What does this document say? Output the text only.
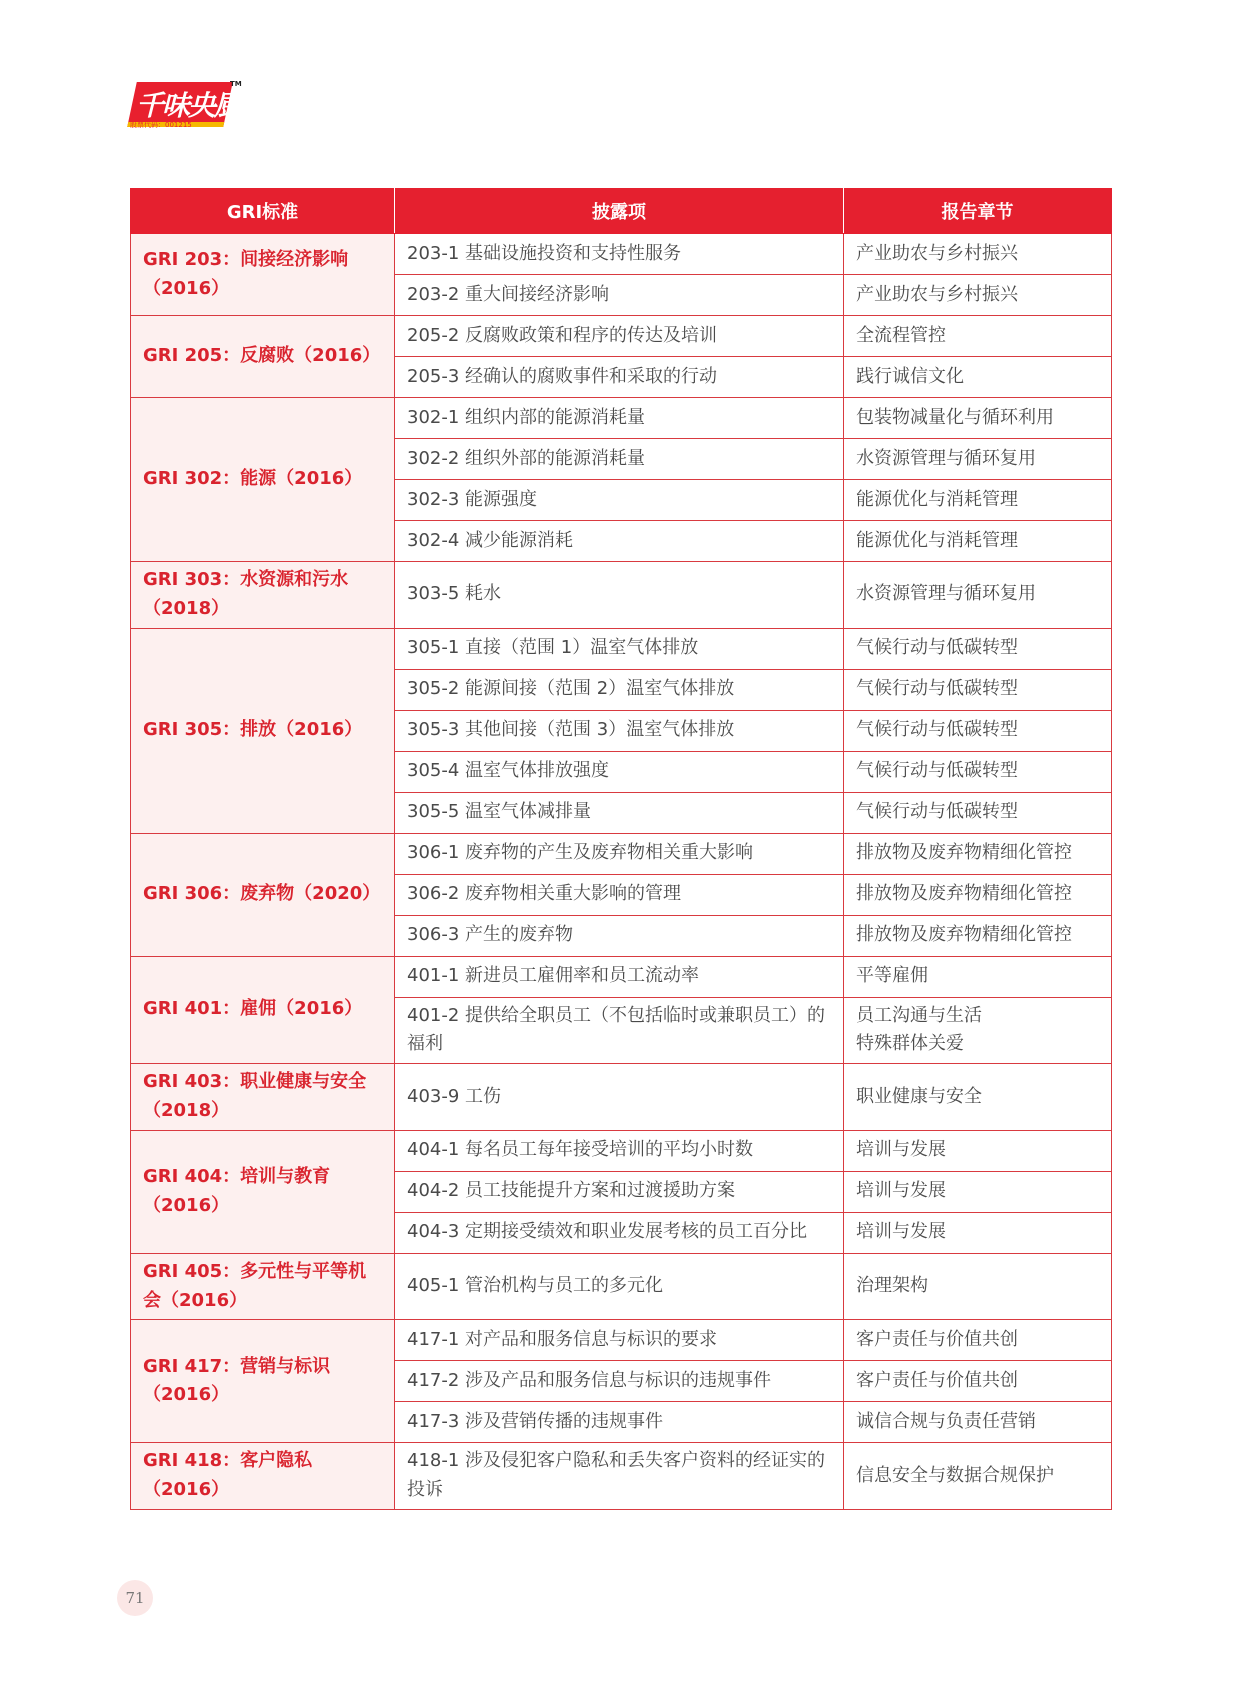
千味央厨
TM
股票代码：001215
GRI标准	披露项	报告章节
GRI 203：间接经济影响（2016）	203-1 基础设施投资和支持性服务	产业助农与乡村振兴
	203-2 重大间接经济影响	产业助农与乡村振兴
GRI 205：反腐败（2016）	205-2 反腐败政策和程序的传达及培训	全流程管控
	205-3 经确认的腐败事件和采取的行动	践行诚信文化
GRI 302：能源（2016）	302-1 组织内部的能源消耗量	包装物减量化与循环利用
	302-2 组织外部的能源消耗量	水资源管理与循环复用
	302-3 能源强度	能源优化与消耗管理
	302-4 减少能源消耗	能源优化与消耗管理
GRI 303：水资源和污水（2018）	303-5 耗水	水资源管理与循环复用
GRI 305：排放（2016）	305-1 直接（范围 1）温室气体排放	气候行动与低碳转型
	305-2 能源间接（范围 2）温室气体排放	气候行动与低碳转型
	305-3 其他间接（范围 3）温室气体排放	气候行动与低碳转型
	305-4 温室气体排放强度	气候行动与低碳转型
	305-5 温室气体减排量	气候行动与低碳转型
GRI 306：废弃物（2020）	306-1 废弃物的产生及废弃物相关重大影响	排放物及废弃物精细化管控
	306-2 废弃物相关重大影响的管理	排放物及废弃物精细化管控
	306-3 产生的废弃物	排放物及废弃物精细化管控
GRI 401：雇佣（2016）	401-1 新进员工雇佣率和员工流动率	平等雇佣
	401-2 提供给全职员工（不包括临时或兼职员工）的福利	员工沟通与生活
特殊群体关爱
GRI 403：职业健康与安全（2018）	403-9 工伤	职业健康与安全
GRI 404：培训与教育（2016）	404-1 每名员工每年接受培训的平均小时数	培训与发展
	404-2 员工技能提升方案和过渡援助方案	培训与发展
	404-3 定期接受绩效和职业发展考核的员工百分比	培训与发展
GRI 405：多元性与平等机会（2016）	405-1 管治机构与员工的多元化	治理架构
GRI 417：营销与标识（2016）	417-1 对产品和服务信息与标识的要求	客户责任与价值共创
	417-2 涉及产品和服务信息与标识的违规事件	客户责任与价值共创
	417-3 涉及营销传播的违规事件	诚信合规与负责任营销
GRI 418：客户隐私（2016）	418-1 涉及侵犯客户隐私和丢失客户资料的经证实的投诉	信息安全与数据合规保护
71
